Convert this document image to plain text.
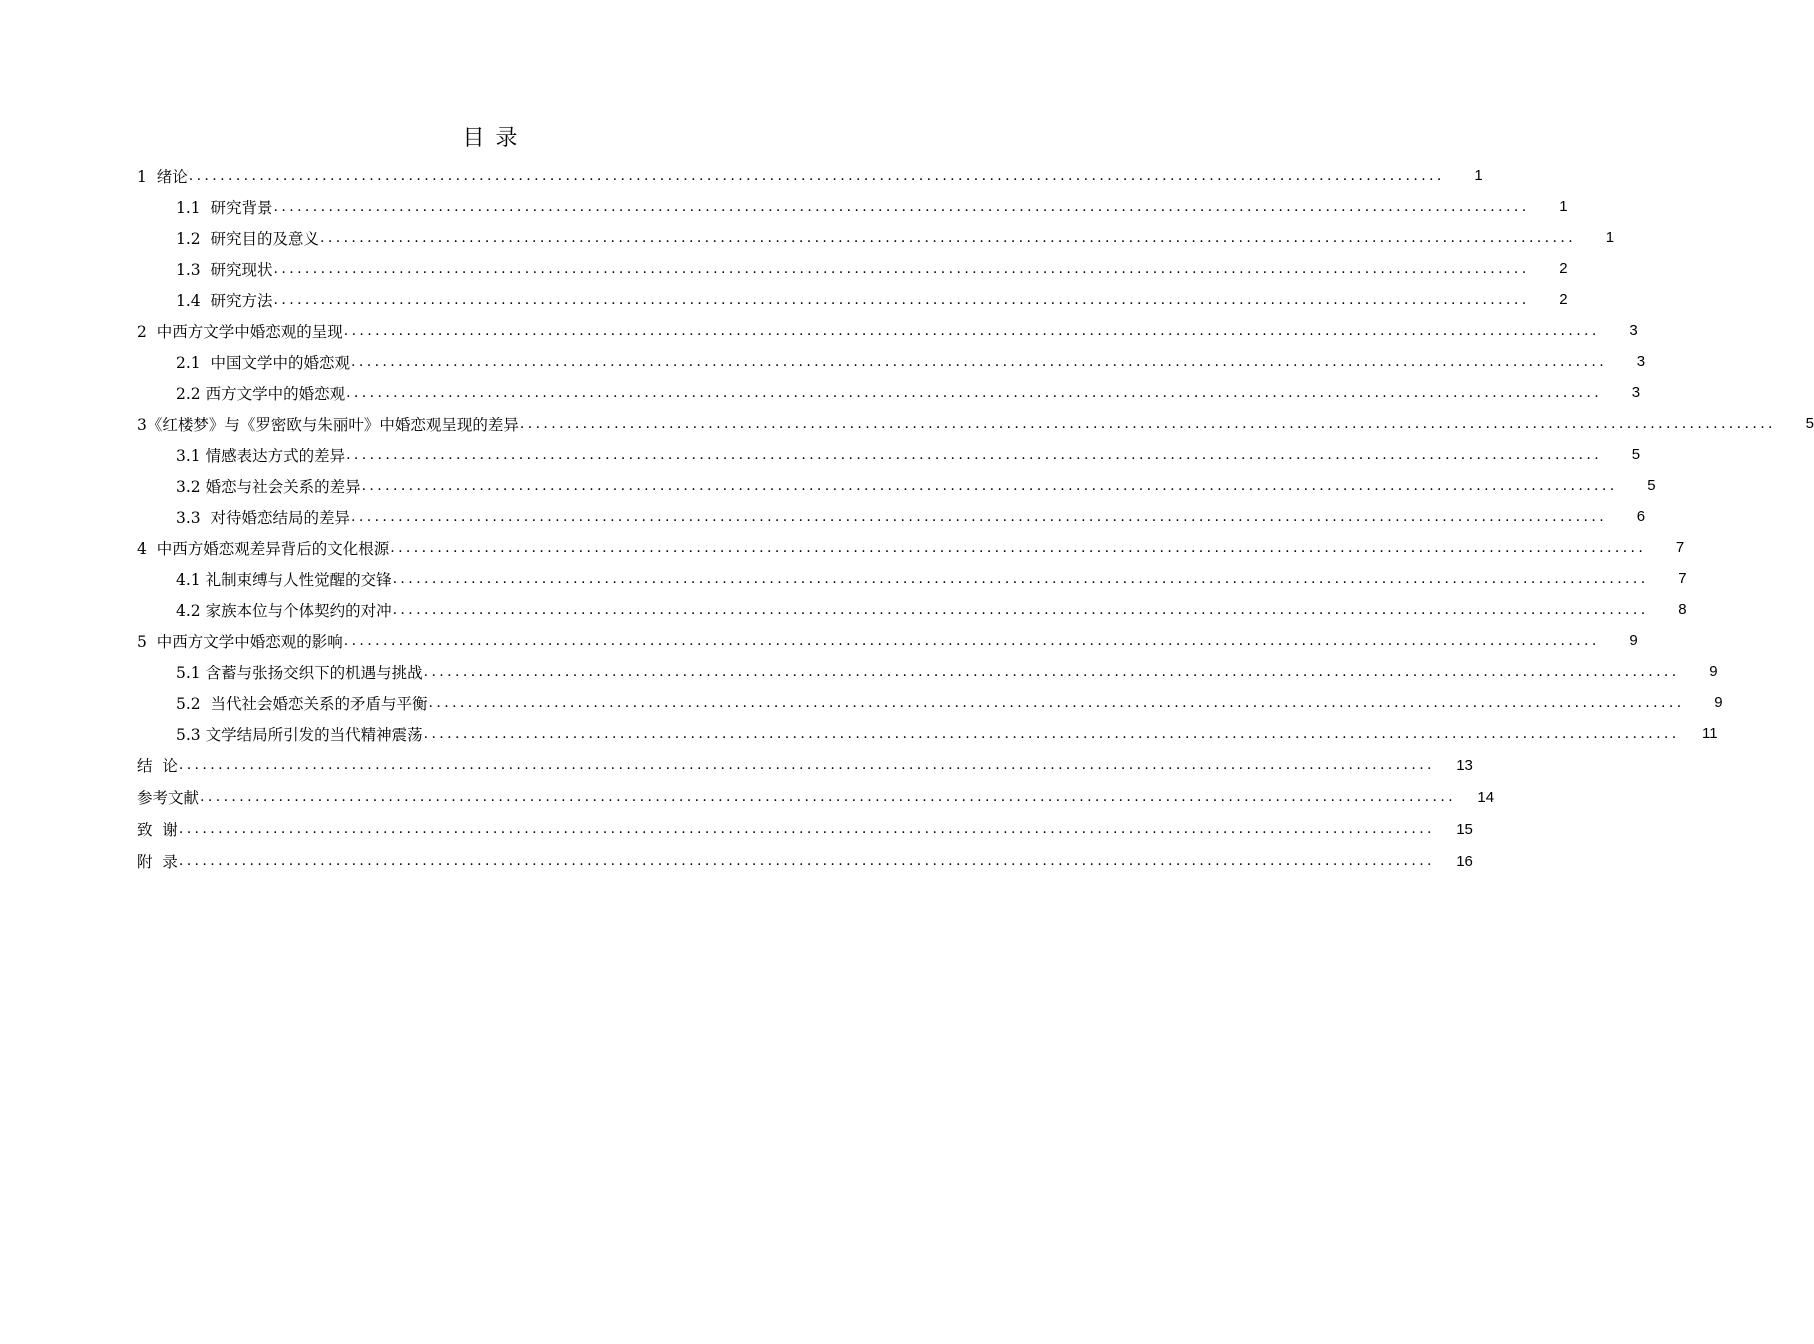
目 录
1  绪论 ................................................................................................................................................................	1
1.1  研究背景 ................................................................................................................................................................	1
1.2  研究目的及意义 ................................................................................................................................................................	1
1.3  研究现状 ................................................................................................................................................................	2
1.4  研究方法 ................................................................................................................................................................	2
2  中西方文学中婚恋观的呈现 ................................................................................................................................................................	3
2.1  中国文学中的婚恋观 ................................................................................................................................................................	3
2.2 西方文学中的婚恋观 ................................................................................................................................................................	3
3《红楼梦》与《罗密欧与朱丽叶》中婚恋观呈现的差异 ................................................................................................................................................................	5
3.1 情感表达方式的差异 ................................................................................................................................................................	5
3.2 婚恋与社会关系的差异 ................................................................................................................................................................	5
3.3  对待婚恋结局的差异 ................................................................................................................................................................	6
4  中西方婚恋观差异背后的文化根源 ................................................................................................................................................................	7
4.1 礼制束缚与人性觉醒的交锋 ................................................................................................................................................................	7
4.2 家族本位与个体契约的对冲 ................................................................................................................................................................	8
5  中西方文学中婚恋观的影响 ................................................................................................................................................................	9
5.1 含蓄与张扬交织下的机遇与挑战 ................................................................................................................................................................	9
5.2  当代社会婚恋关系的矛盾与平衡 ................................................................................................................................................................	9
5.3 文学结局所引发的当代精神震荡 ................................................................................................................................................................	11
结  论 ................................................................................................................................................................	13
参考文献 ................................................................................................................................................................	14
致  谢 ................................................................................................................................................................	15
附  录 ................................................................................................................................................................	16
